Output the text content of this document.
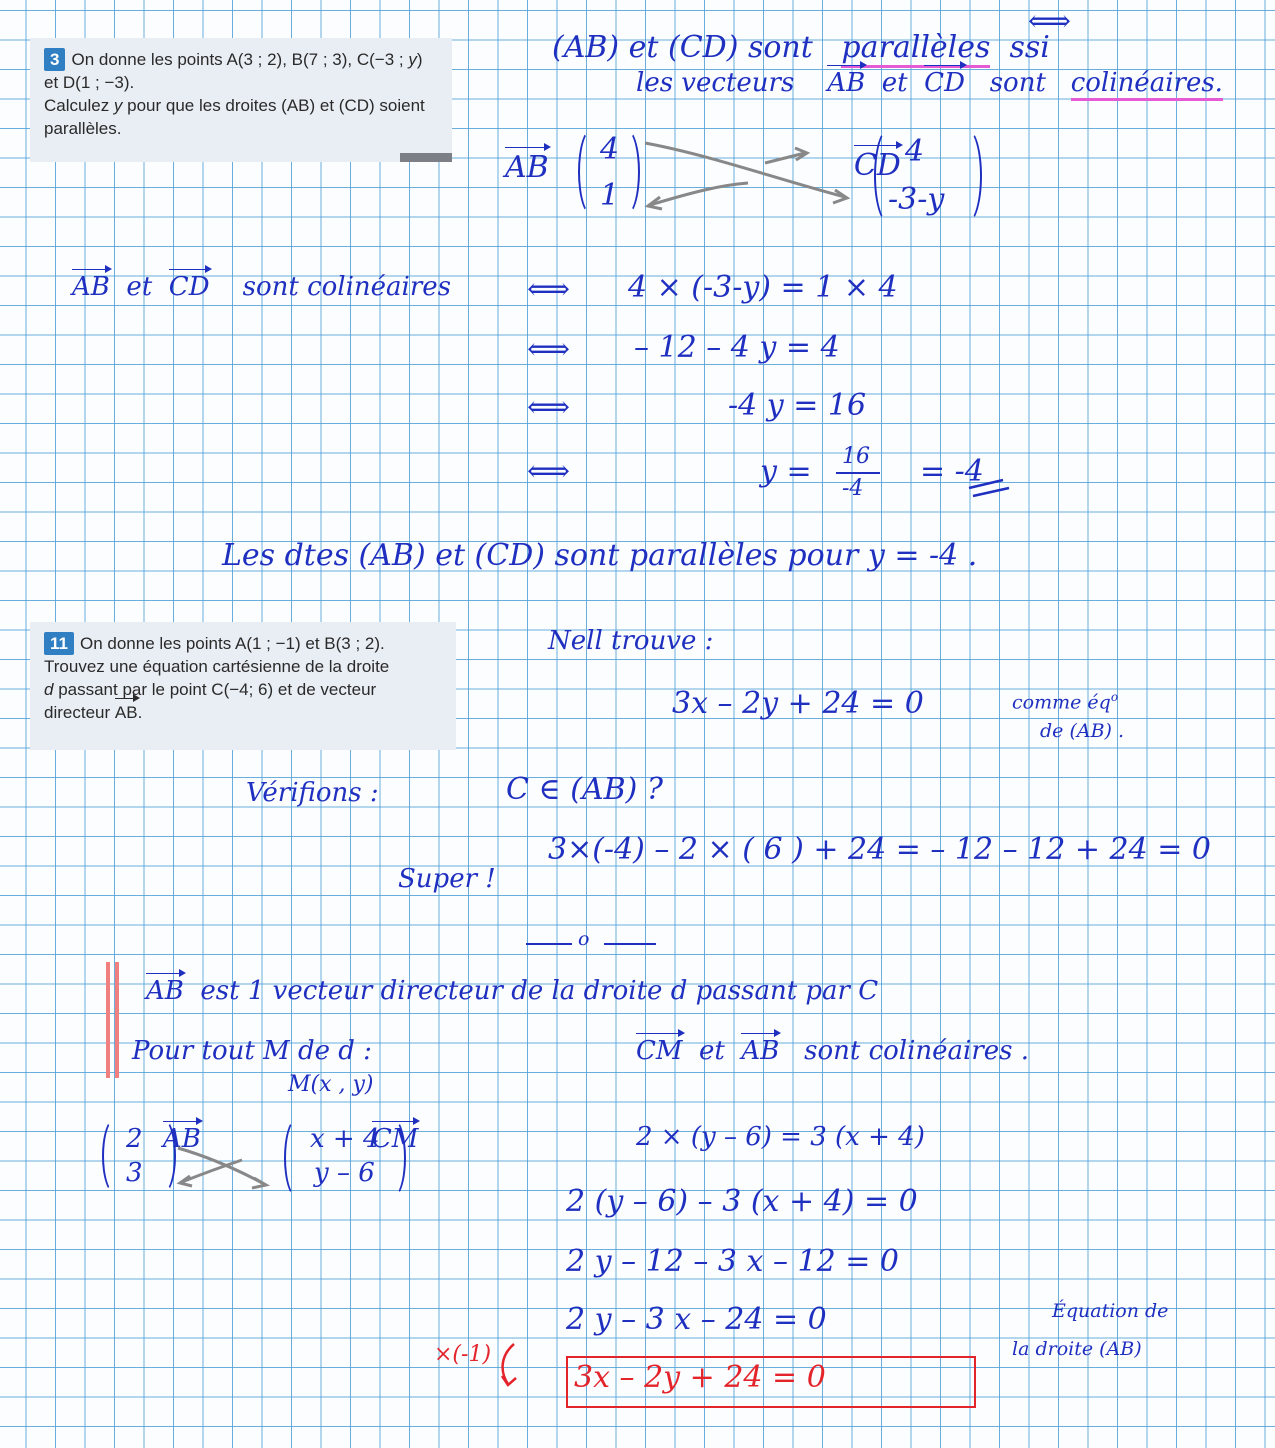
3 On donne les points A(3 ; 2), B(7 ; 3), C(−3 ; y)
et D(1 ; −3).
Calculez y pour que les droites (AB) et (CD) soient
parallèles.
11 On donne les points A(1 ; −1) et B(3 ; 2).
Trouvez une équation cartésienne de la droite
d passant par le point C(−4; 6) et de vecteur
directeur AB.
⟺
(AB) et (CD) sont parallèles ssi
les vecteurs AB et CD sont colinéaires.
AB
4
1
CD 4
-3-y
AB et CD sont colinéaires	⟺ 4 × (-3-y) = 1 × 4
⟺ – 12 – 4 y = 4
⟺	-4 y = 16
⟺	y = 16
-4 = -4
Les dtes (AB) et (CD) sont parallèles pour y = -4 .
Nell trouve :
3x – 2y + 24 = 0	comme $éq^o$
de (AB) .
Vérifions :	C ∈ (AB) ?
3×(-4) – 2 × ( 6 ) + 24 = – 12 – 12 + 24 = 0
Super !
o
AB est 1 vecteur directeur de la droite d passant par C
Pour tout M de d :
M(x , y)
CM et AB sont colinéaires .
AB
2
3
CM
x + 4
y – 6
2 × (y – 6) = 3 (x + 4)
2 (y – 6) – 3 (x + 4) = 0
2 y – 12 – 3 x – 12 = 0
2 y – 3 x – 24 = 0	Équation de
la droite (AB)
×(-1)
3x – 2y + 24 = 0
